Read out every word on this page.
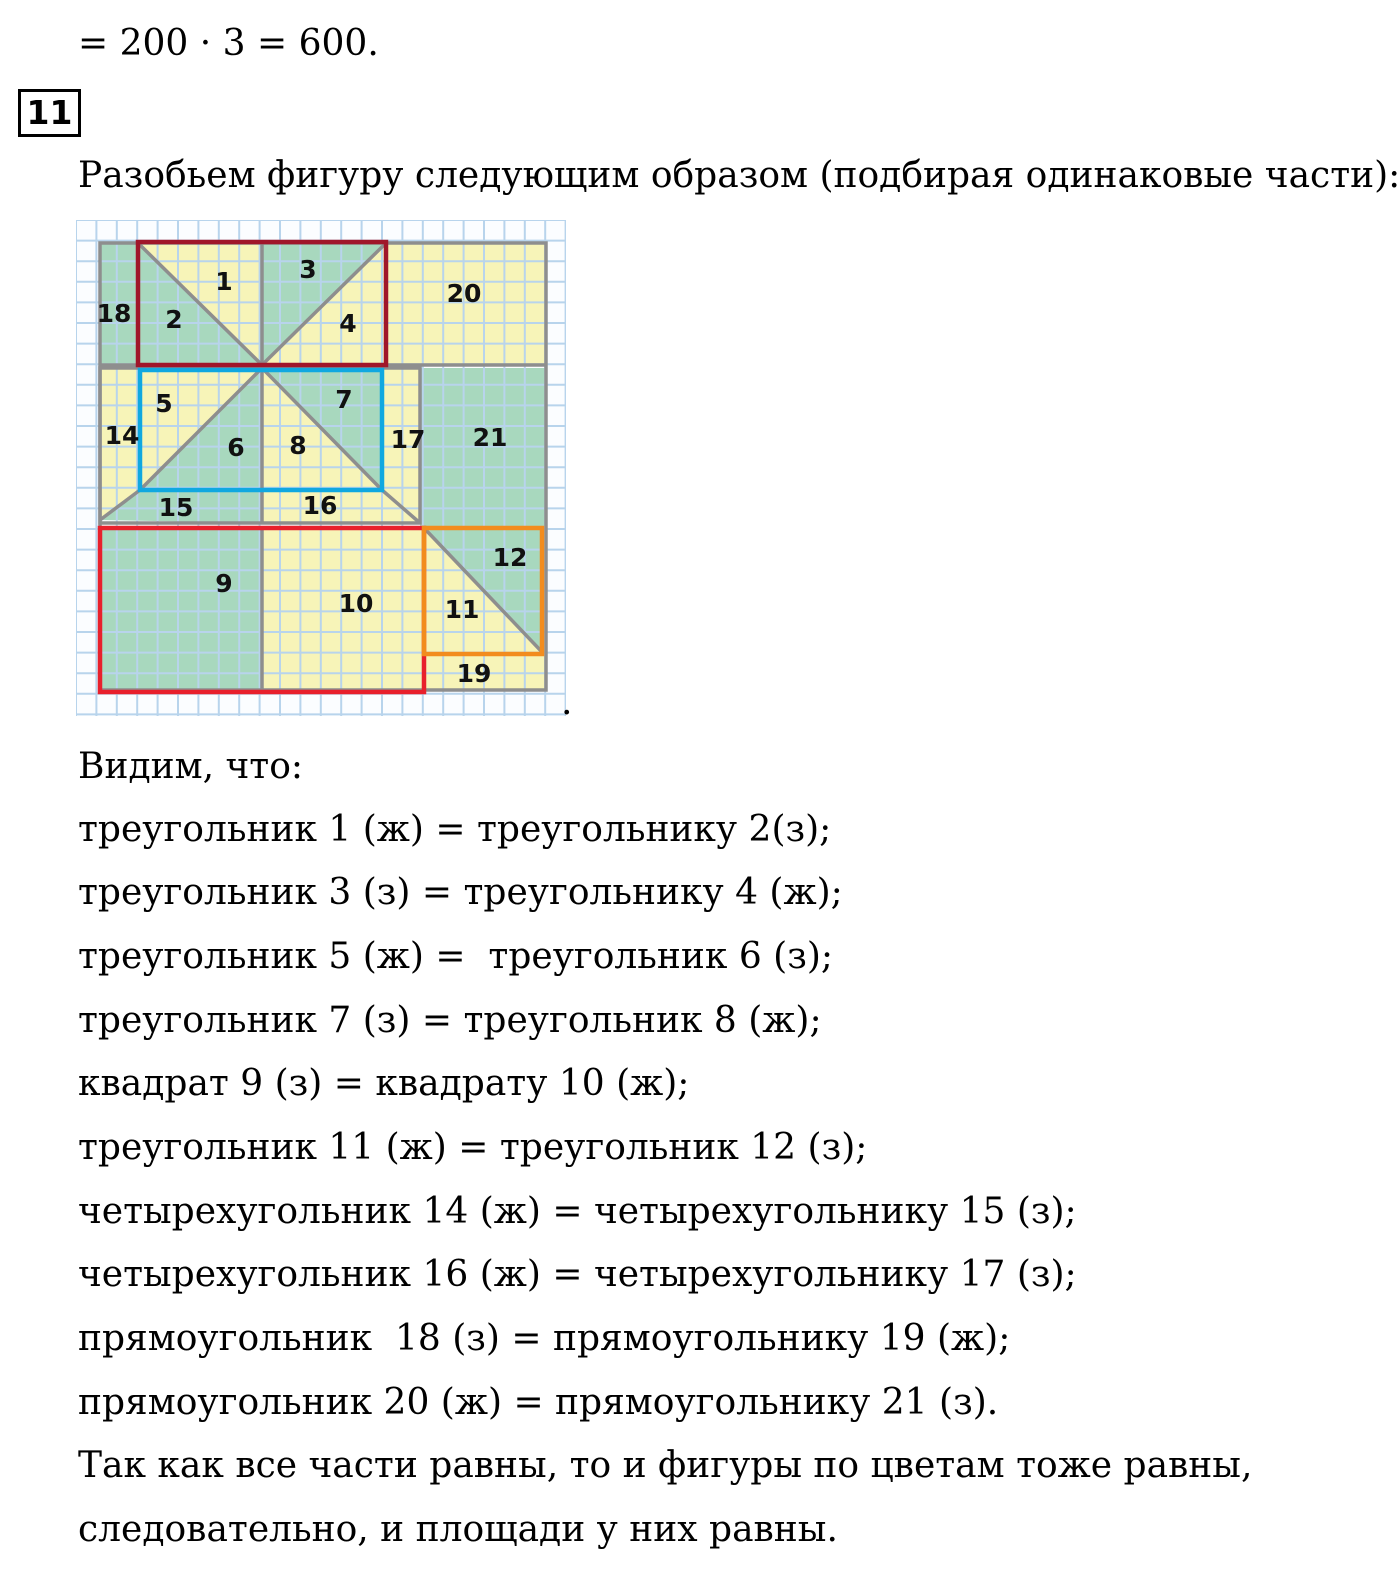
= 200 · 3 = 600.
11
Разобьем фигуру следующим образом (подбирая одинаковые части):
1
2
3
4
5
6
7
8
9
10	11
12
14
15	16
17
18
19
20
21
.
Видим, что:
треугольник 1 (ж) = треугольнику 2(з);
треугольник 3 (з) = треугольнику 4 (ж);
треугольник 5 (ж) =  треугольник 6 (з);
треугольник 7 (з) = треугольник 8 (ж);
квадрат 9 (з) = квадрату 10 (ж);
треугольник 11 (ж) = треугольник 12 (з);
четырехугольник 14 (ж) = четырехугольнику 15 (з);
четырехугольник 16 (ж) = четырехугольнику 17 (з);
прямоугольник  18 (з) = прямоугольнику 19 (ж);
прямоугольник 20 (ж) = прямоугольнику 21 (з).
Так как все части равны, то и фигуры по цветам тоже равны,
следовательно, и площади у них равны.
